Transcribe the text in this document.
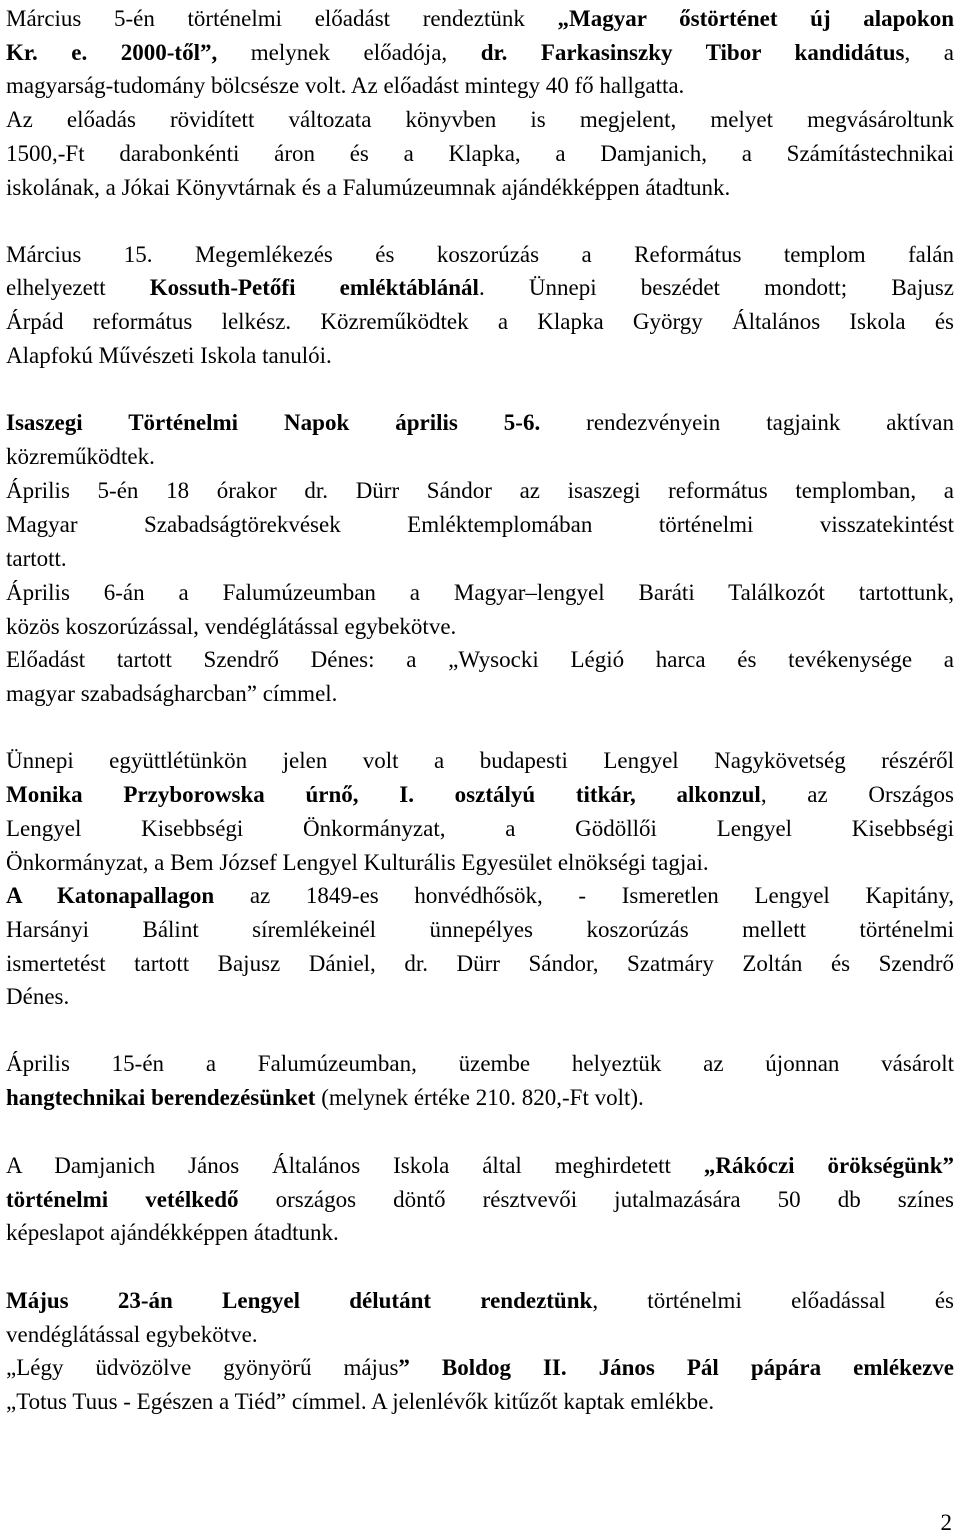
Március 5-én történelmi előadást rendeztünk „Magyar őstörténet új alapokon
Kr. e. 2000-től”, melynek előadója, dr. Farkasinszky Tibor kandidátus, a
magyarság-tudomány bölcsésze volt. Az előadást mintegy 40 fő hallgatta.
Az előadás rövidített változata könyvben is megjelent, melyet megvásároltunk
1500,-Ft darabonkénti áron és a Klapka, a Damjanich, a Számítástechnikai
iskolának, a Jókai Könyvtárnak és a Falumúzeumnak ajándékképpen átadtunk.
Március 15. Megemlékezés és koszorúzás a Református templom falán
elhelyezett Kossuth-Petőfi emléktáblánál. Ünnepi beszédet mondott; Bajusz
Árpád református lelkész. Közreműködtek a Klapka György Általános Iskola és
Alapfokú Művészeti Iskola tanulói.
Isaszegi Történelmi Napok április 5-6. rendezvényein tagjaink aktívan
közreműködtek.
Április 5-én 18 órakor dr. Dürr Sándor az isaszegi református templomban, a
Magyar Szabadságtörekvések Emléktemplomában történelmi visszatekintést
tartott.
Április 6-án a Falumúzeumban a Magyar–lengyel Baráti Találkozót tartottunk,
közös koszorúzással, vendéglátással egybekötve.
Előadást tartott Szendrő Dénes: a „Wysocki Légió harca és tevékenysége a
magyar szabadságharcban” címmel.
Ünnepi együttlétünkön jelen volt a budapesti Lengyel Nagykövetség részéről
Monika Przyborowska úrnő, I. osztályú titkár, alkonzul, az Országos
Lengyel Kisebbségi Önkormányzat, a Gödöllői Lengyel Kisebbségi
Önkormányzat, a Bem József Lengyel Kulturális Egyesület elnökségi tagjai.
A Katonapallagon az 1849-es honvédhősök, - Ismeretlen Lengyel Kapitány,
Harsányi Bálint síremlékeinél ünnepélyes koszorúzás mellett történelmi
ismertetést tartott Bajusz Dániel, dr. Dürr Sándor, Szatmáry Zoltán és Szendrő
Dénes.
Április 15-én a Falumúzeumban, üzembe helyeztük az újonnan vásárolt
hangtechnikai berendezésünket (melynek értéke 210. 820,-Ft volt).
A Damjanich János Általános Iskola által meghirdetett „Rákóczi örökségünk”
történelmi vetélkedő országos döntő résztvevői jutalmazására 50 db színes
képeslapot ajándékképpen átadtunk.
Május 23-án Lengyel délutánt rendeztünk, történelmi előadással és
vendéglátással egybekötve.
„Légy üdvözölve gyönyörű május” Boldog II. János Pál pápára emlékezve
„Totus Tuus - Egészen a Tiéd” címmel. A jelenlévők kitűzőt kaptak emlékbe.
2
